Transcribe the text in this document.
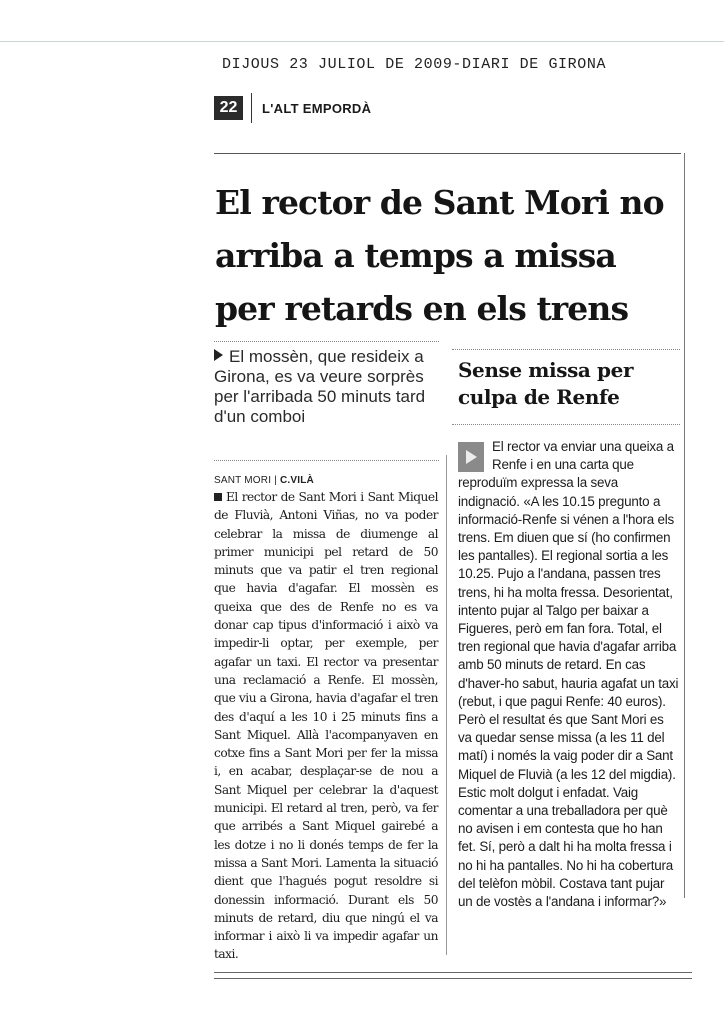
DIJOUS 23 JULIOL DE 2009-DIARI DE GIRONA
22	L'ALT EMPORDÀ
El rector de Sant Mori no arriba a temps a missa per retards en els trens

El mossèn, que resideix a Girona, es va veure sorprès per l'arribada 50 minuts tard d'un comboi

SANT MORI | C.VILÀ

El rector de Sant Mori i Sant Miquel de Fluvià, Antoni Viñas, no va poder celebrar la missa de diumenge al primer municipi pel retard de 50 minuts que va patir el tren regional que havia d'agafar. El mossèn es queixa que des de Renfe no es va donar cap tipus d'informació i això va impedir-li optar, per exemple, per agafar un taxi. El rector va presentar una reclamació a Renfe. El mossèn, que viu a Girona, havia d'agafar el tren des d'aquí a les 10 i 25 minuts fins a Sant Miquel. Allà l'acompanyaven en cotxe fins a Sant Mori per fer la missa i, en acabar, desplaçar-se de nou a Sant Miquel per celebrar la d'aquest municipi. El retard al tren, però, va fer que arribés a Sant Miquel gairebé a les dotze i no li donés temps de fer la missa a Sant Mori. Lamenta la situació dient que l'hagués pogut resoldre si donessin informació. Durant els 50 minuts de retard, diu que ningú el va informar i això li va impedir agafar un taxi.

Sense missa per culpa de Renfe

El rector va enviar una queixa a Renfe i en una carta que reproduïm expressa la seva indignació. «A les 10.15 pregunto a informació-Renfe si vénen a l'hora els trens. Em diuen que sí (ho confirmen les pantalles). El regional sortia a les 10.25. Pujo a l'andana, passen tres trens, hi ha molta fressa. Desorientat, intento pujar al Talgo per baixar a Figueres, però em fan fora. Total, el tren regional que havia d'agafar arriba amb 50 minuts de retard. En cas d'haver-ho sabut, hauria agafat un taxi (rebut, i que pagui Renfe: 40 euros). Però el resultat és que Sant Mori es va quedar sense missa (a les 11 del matí) i només la vaig poder dir a Sant Miquel de Fluvià (a les 12 del migdia). Estic molt dolgut i enfadat. Vaig comentar a una treballadora per què no avisen i em contesta que ho han fet. Sí, però a dalt hi ha molta fressa i no hi ha pantalles. No hi ha cobertura del telèfon mòbil. Costava tant pujar un de vostès a l'andana i informar?»
